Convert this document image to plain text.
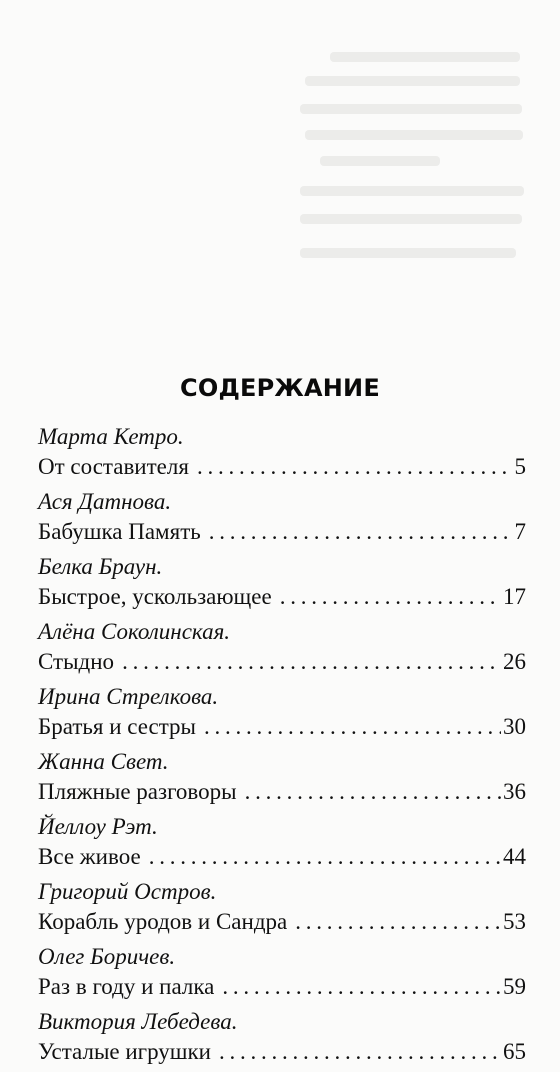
СОДЕРЖАНИЕ
Марта Кетро.
От составителя . . .	5
Ася Датнова.
Бабушка Память . . .	7
Белка Браун.
Быстрое, ускользающее . . .	17
Алёна Соколинская.
Стыдно . . .	26
Ирина Стрелкова.
Братья и сестры . . .	30
Жанна Свет.
Пляжные разговоры . . .	36
Йеллоу Рэт.
Все живое . . .	44
Григорий Остров.
Корабль уродов и Сандра . . .	53
Олег Боричев.
Раз в году и палка . . .	59
Виктория Лебедева.
Усталые игрушки . . .	65
